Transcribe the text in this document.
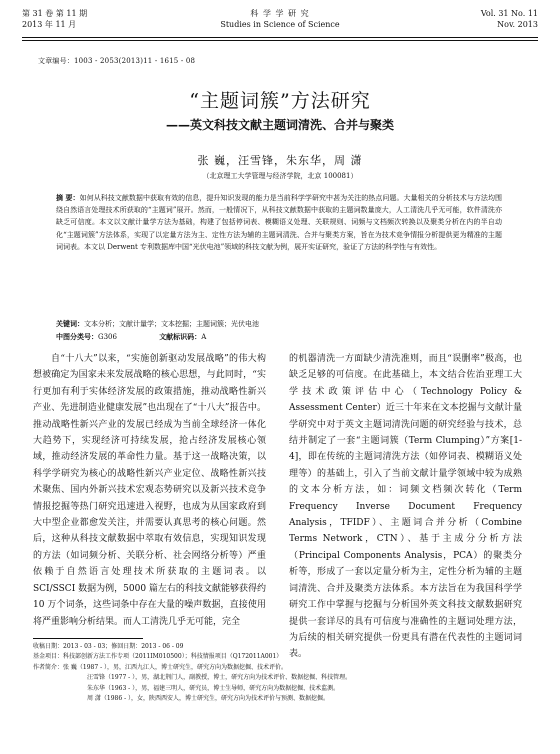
第 31 卷 第 11 期
2013 年 11 月
科 学 学 研 究
Studies in Science of Science
Vol. 31 No. 11
Nov. 2013
文章编号：1003 - 2053(2013)11 - 1615 - 08
“主题词簇”方法研究
——英文科技文献主题词清洗、合并与聚类
张 巍，汪雪锋，朱东华，周 潇
（北京理工大学管理与经济学院，北京 100081）
摘 要：如何从科技文献数据中获取有效的信息，提升知识发现的能力是当前科学学研究中甚为关注的热点问题。大量相关的分析技术与方法均围绕自然语言处理技术所获取的“主题词”展开。然而，一般情况下，从科技文献数据中获取的主题词数量庞大，人工清洗几乎无可能，软件清洗亦缺乏可信度。本文以文献计量学方法为基础，构建了包括停词表、模糊语义处理、关联规则、词频与文档频次转换以及聚类分析在内的半自动化“主题词簇”方法体系，实现了以定量方法为主、定性方法为辅的主题词清洗、合并与聚类方案，旨在为技术竞争情报分析提供更为精准的主题词词表。本文以 Derwent 专利数据库中国“光伏电池”领域的科技文献为例，展开实证研究，验证了方法的科学性与有效性。
关键词：文本分析；文献计量学；文本挖掘；主题词簇；光伏电池
中图分类号：G306	文献标识码：A
自“十八大”以来，“实施创新驱动发展战略”的伟大构想被确定为国家未来发展战略的核心思想，与此同时，“实行更加有利于实体经济发展的政策措施，推动战略性新兴产业、先进制造业健康发展”也出现在了“十八大”报告中。推动战略性新兴产业的发展已经成为当前全球经济一体化大趋势下，实现经济可持续发展，抢占经济发展核心领域，推动经济发展的革命性力量。基于这一战略决策，以科学学研究为核心的战略性新兴产业定位、战略性新兴技术聚焦、国内外新兴技术宏观态势研究以及新兴技术竞争情报挖掘等热门研究迅速进入视野，也成为从国家政府到大中型企业都愈发关注，并需要认真思考的核心问题。然后，这种从科技文献数据中萃取有效信息，实现知识发现的方法（如词频分析、关联分析、社会网络分析等）严重依赖于自然语言处理技术所获取的主题词表。以 SCI/SSCI 数据为例，5000 篇左右的科技文献能够获得约 10 万个词条，这些词条中存在大量的噪声数据，直接使用将严重影响分析结果。而人工清洗几乎无可能，完全
的机器清洗一方面缺少清洗准则，而且“误删率”极高，也缺乏足够的可信度。在此基础上，本文结合佐治亚理工大学技术政策评估中心（Technology Policy & Assessment Center）近三十年来在文本挖掘与文献计量学研究中对于英文主题词清洗问题的研究经验与技术，总结并制定了一套“主题词簇（Term Clumping）”方案[1-4]，即在传统的主题词清洗方法（如停词表、模糊语义处理等）的基础上，引入了当前文献计量学领域中较为成熟的文本分析方法，如：词频文档频次转化（Term Frequency Inverse Document Frequency Analysis，TFIDF）、主题词合并分析（Combine Terms Network，CTN）、基于主成分分析方法（Principal Components Analysis，PCA）的聚类分析等，形成了一套以定量分析为主，定性分析为辅的主题词清洗、合并及聚类方法体系。本方法旨在为我国科学学研究工作中掌握与挖掘与分析国外英文科技文献数据研究提供一套详尽的具有可信度与准确性的主题词处理方法，为后续的相关研究提供一份更具有潜在代表性的主题词词表。
收稿日期：2013 - 03 - 03；修回日期：2013 - 06 - 09
基金项目：科技部创新方法工作专项（2011IM010500）；科技情报项目（Q172011A001）
作者简介：张 巍（1987 - ），男，江西九江人，博士研究生，研究方向为数据挖掘、技术评价。
汪雪锋（1977 - ），男，湖北荆门人，副教授，博士，研究方向为技术评价、数据挖掘、科技管理。
朱东华（1963 - ），男，福建三明人，研究员，博士生导师，研究方向为数据挖掘、技术监测。
周 潇（1986 - ），女，陕西西安人，博士研究生，研究方向为技术评价与预测、数据挖掘。
